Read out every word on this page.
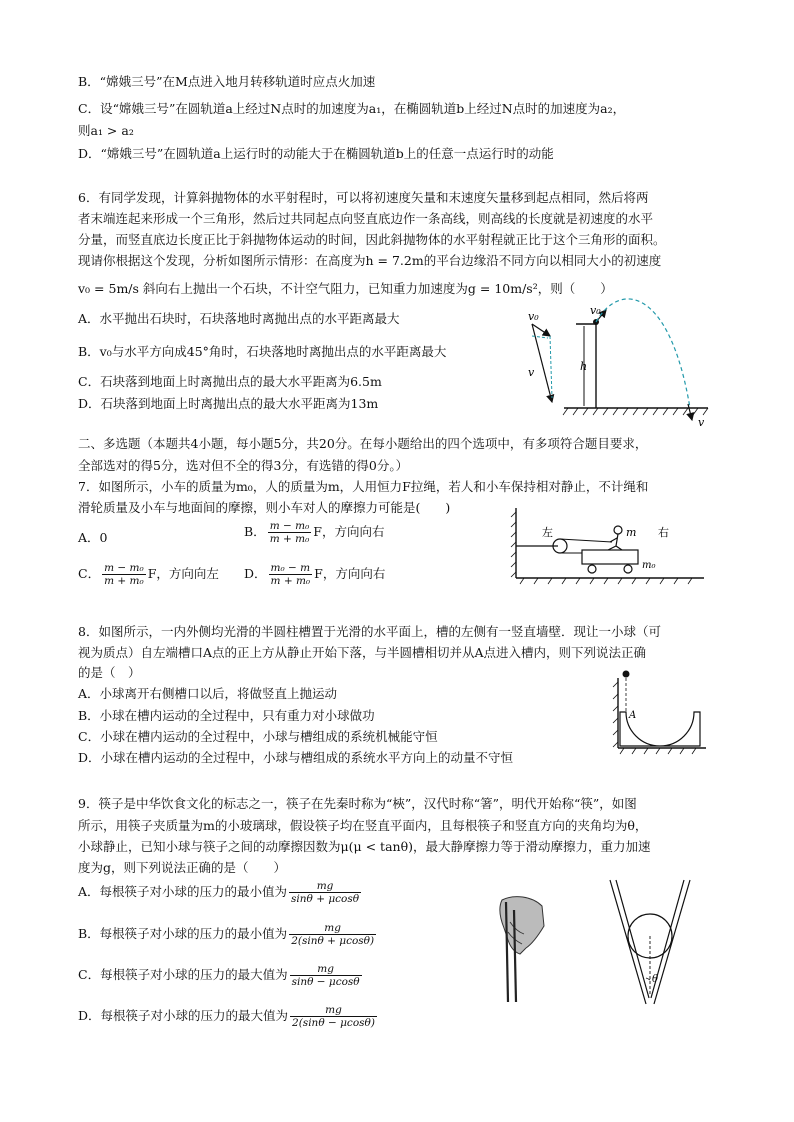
B．“嫦娥三号”在M点进入地月转移轨道时应点火加速
C．设“嫦娥三号”在圆轨道a上经过N点时的加速度为a₁，在椭圆轨道b上经过N点时的加速度为a₂，
则a₁ > a₂
D．“嫦娥三号”在圆轨道a上运行时的动能大于在椭圆轨道b上的任意一点运行时的动能
6．有同学发现，计算斜抛物体的水平射程时，可以将初速度矢量和末速度矢量移到起点相同，然后将两
者末端连起来形成一个三角形，然后过共同起点向竖直底边作一条高线，则高线的长度就是初速度的水平
分量，而竖直底边长度正比于斜抛物体运动的时间，因此斜抛物体的水平射程就正比于这个三角形的面积。
现请你根据这个发现，分析如图所示情形：在高度为h = 7.2m的平台边缘沿不同方向以相同大小的初速度
v₀ = 5m/s 斜向右上抛出一个石块，不计空气阻力，已知重力加速度为g = 10m/s²，则（　　）
A．水平抛出石块时，石块落地时离抛出点的水平距离最大
B．v₀与水平方向成45°角时，石块落地时离抛出点的水平距离最大
C．石块落到地面上时离抛出点的最大水平距离为6.5m
D．石块落到地面上时离抛出点的最大水平距离为13m
v₀
v	h
v₀
v
二、多选题（本题共4小题，每小题5分，共20分。在每小题给出的四个选项中，有多项符合题目要求，
全部选对的得5分，选对但不全的得3分，有选错的得0分。）
7．如图所示，小车的质量为m₀，人的质量为m，人用恒力F拉绳，若人和小车保持相对静止，不计绳和
滑轮质量及小车与地面间的摩擦，则小车对人的摩擦力可能是(　　)
A．0	B． $\frac{\text{m − m₀}}{\text{m + m₀}}$ F，方向向右
C． $\frac{\text{m − m₀}}{\text{m + m₀}}$ F，方向向左 D． $\frac{\text{m₀ − m}}{\text{m + m₀}}$ F，方向向右
左	右
m
m₀
8．如图所示，一内外侧均光滑的半圆柱槽置于光滑的水平面上，槽的左侧有一竖直墙壁．现让一小球（可
视为质点）自左端槽口A点的正上方从静止开始下落，与半圆槽相切并从A点进入槽内，则下列说法正确
的是（　）
A．小球离开右侧槽口以后，将做竖直上抛运动
B．小球在槽内运动的全过程中，只有重力对小球做功
C．小球在槽内运动的全过程中，小球与槽组成的系统机械能守恒
D．小球在槽内运动的全过程中，小球与槽组成的系统水平方向上的动量不守恒
A
9．筷子是中华饮食文化的标志之一，筷子在先秦时称为“梜”，汉代时称“箸”，明代开始称“筷”，如图
所示，用筷子夹质量为m的小玻璃球，假设筷子均在竖直平面内，且每根筷子和竖直方向的夹角均为θ，
小球静止，已知小球与筷子之间的动摩擦因数为μ(μ < tanθ)，最大静摩擦力等于滑动摩擦力，重力加速
度为g，则下列说法正确的是（　　）
A．每根筷子对小球的压力的最小值为 $\frac{mg}{\sin\theta + \mu\cos\theta}$
B．每根筷子对小球的压力的最小值为 $\frac{mg}{2(\sin\theta + \mu\cos\theta)}$
C．每根筷子对小球的压力的最大值为 $\frac{mg}{\sin\theta - \mu\cos\theta}$
D．每根筷子对小球的压力的最大值为 $\frac{mg}{2(\sin\theta - \mu\cos\theta)}$
θ
